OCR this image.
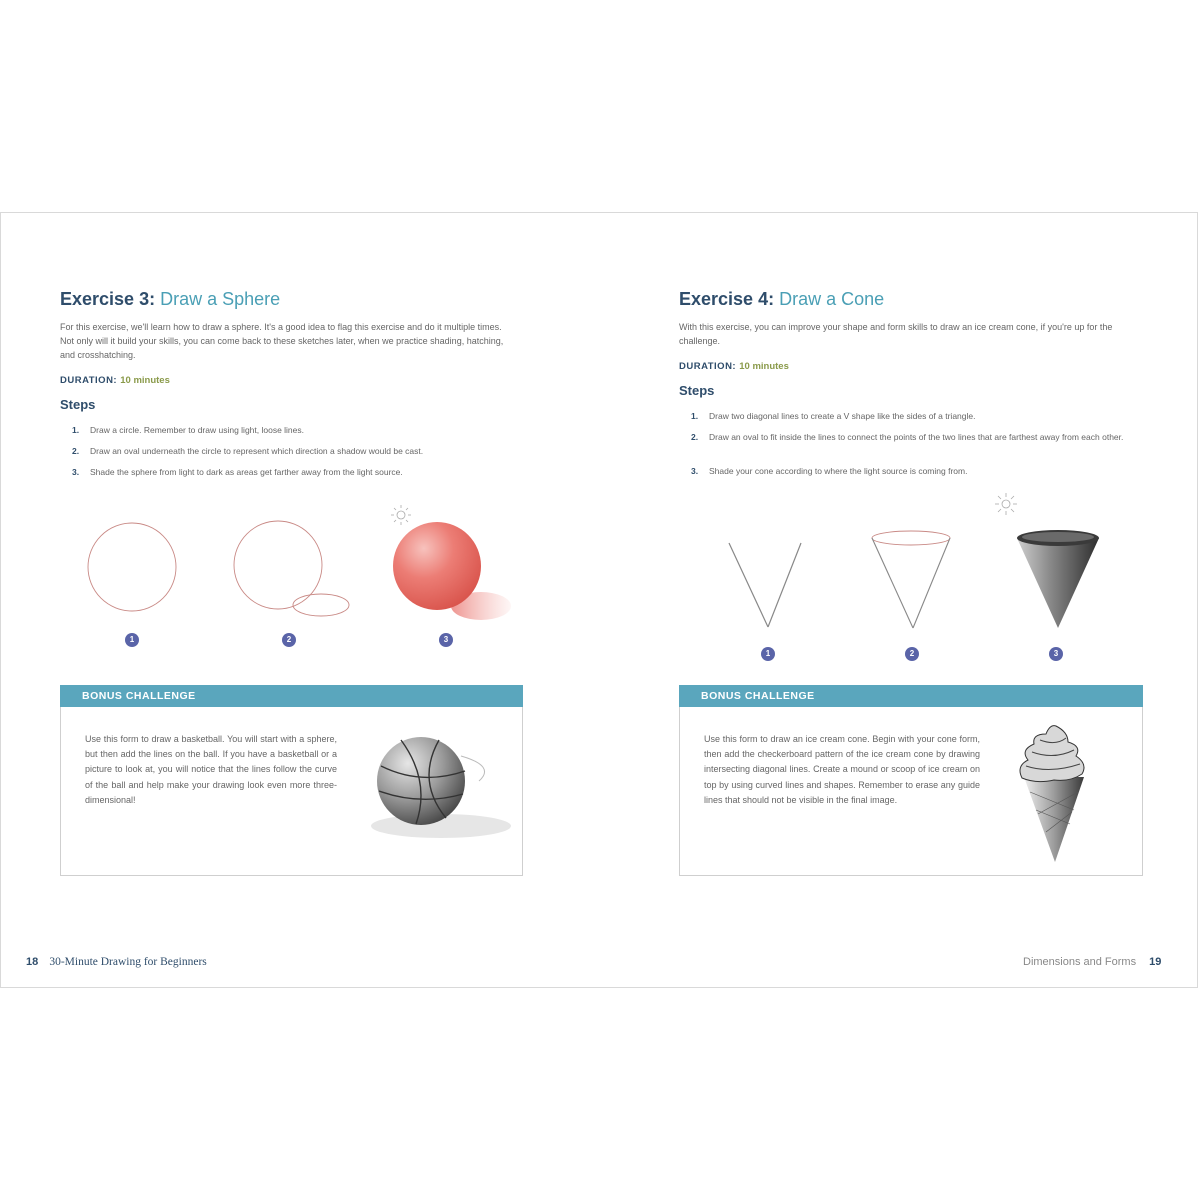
Exercise 3: Draw a Sphere
For this exercise, we'll learn how to draw a sphere. It's a good idea to flag this exercise and do it multiple times. Not only will it build your skills, you can come back to these sketches later, when we practice shading, hatching, and crosshatching.
DURATION: 10 minutes
Steps
1. Draw a circle. Remember to draw using light, loose lines.
2. Draw an oval underneath the circle to represent which direction a shadow would be cast.
3. Shade the sphere from light to dark as areas get farther away from the light source.
1	2	3
BONUS CHALLENGE
Use this form to draw a basketball. You will start with a sphere, but then add the lines on the ball. If you have a basketball or a picture to look at, you will notice that the lines follow the curve of the ball and help make your drawing look even more three-dimensional!
18 30-Minute Drawing for Beginners
Exercise 4: Draw a Cone
With this exercise, you can improve your shape and form skills to draw an ice cream cone, if you're up for the challenge.
DURATION: 10 minutes
Steps
1. Draw two diagonal lines to create a V shape like the sides of a triangle.
2. Draw an oval to fit inside the lines to connect the points of the two lines that are farthest away from each other.
3. Shade your cone according to where the light source is coming from.
1	2	3
BONUS CHALLENGE
Use this form to draw an ice cream cone. Begin with your cone form, then add the checkerboard pattern of the ice cream cone by drawing intersecting diagonal lines. Create a mound or scoop of ice cream on top by using curved lines and shapes. Remember to erase any guide lines that should not be visible in the final image.
Dimensions and Forms 19
